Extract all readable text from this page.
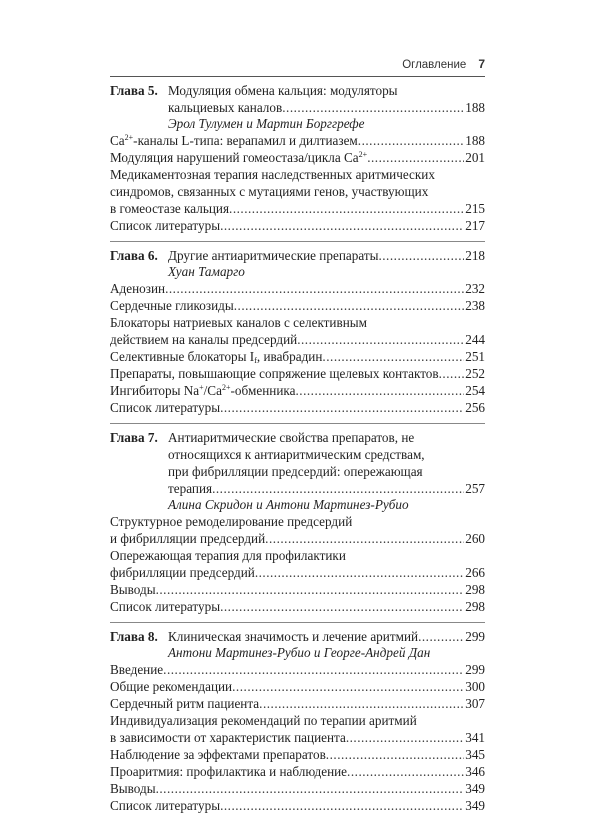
Оглавление 7
Глава 5. Модуляция обмена кальция: модуляторы
кальциевых каналов .....	188
Эрол Тулумен и Мартин Борггрефе
$Ca^{2+}$-каналы L-типа: верапамил и дилтиазем .....	188
Модуляция нарушений гомеостаза/цикла $Ca^{2+}$ .....	201
Медикаментозная терапия наследственных аритмических
синдромов, связанных с мутациями генов, участвующих
в гомеостазе кальция .....	215
Список литературы .....	217
Глава 6. Другие антиаритмические препараты .....	218
Хуан Тамарго
Аденозин .....	232
Сердечные гликозиды .....	238
Блокаторы натриевых каналов с селективным
действием на каналы предсердий .....	244
Селективные блокаторы $I_f$, ивабрадин .....	251
Препараты, повышающие сопряжение щелевых контактов ..... 252
Ингибиторы $Na^+/Ca^{2+}$-обменника .....	254
Список литературы .....	256
Глава 7. Антиаритмические свойства препаратов, не
относящихся к антиаритмическим средствам,
при фибрилляции предсердий: опережающая
терапия .....	257
Алина Скридон и Антони Мартинез-Рубио
Структурное ремоделирование предсердий
и фибрилляции предсердий .....	260
Опережающая терапия для профилактики
фибрилляции предсердий .....	266
Выводы .....	298
Список литературы .....	298
Глава 8. Клиническая значимость и лечение аритмий .....	299
Антони Мартинез-Рубио и Георге-Андрей Дан
Введение .....	299
Общие рекомендации .....	300
Сердечный ритм пациента .....	307
Индивидуализация рекомендаций по терапии аритмий
в зависимости от характеристик пациента .....	341
Наблюдение за эффектами препаратов .....	345
Проаритмия: профилактика и наблюдение .....	346
Выводы .....	349
Список литературы .....	349
